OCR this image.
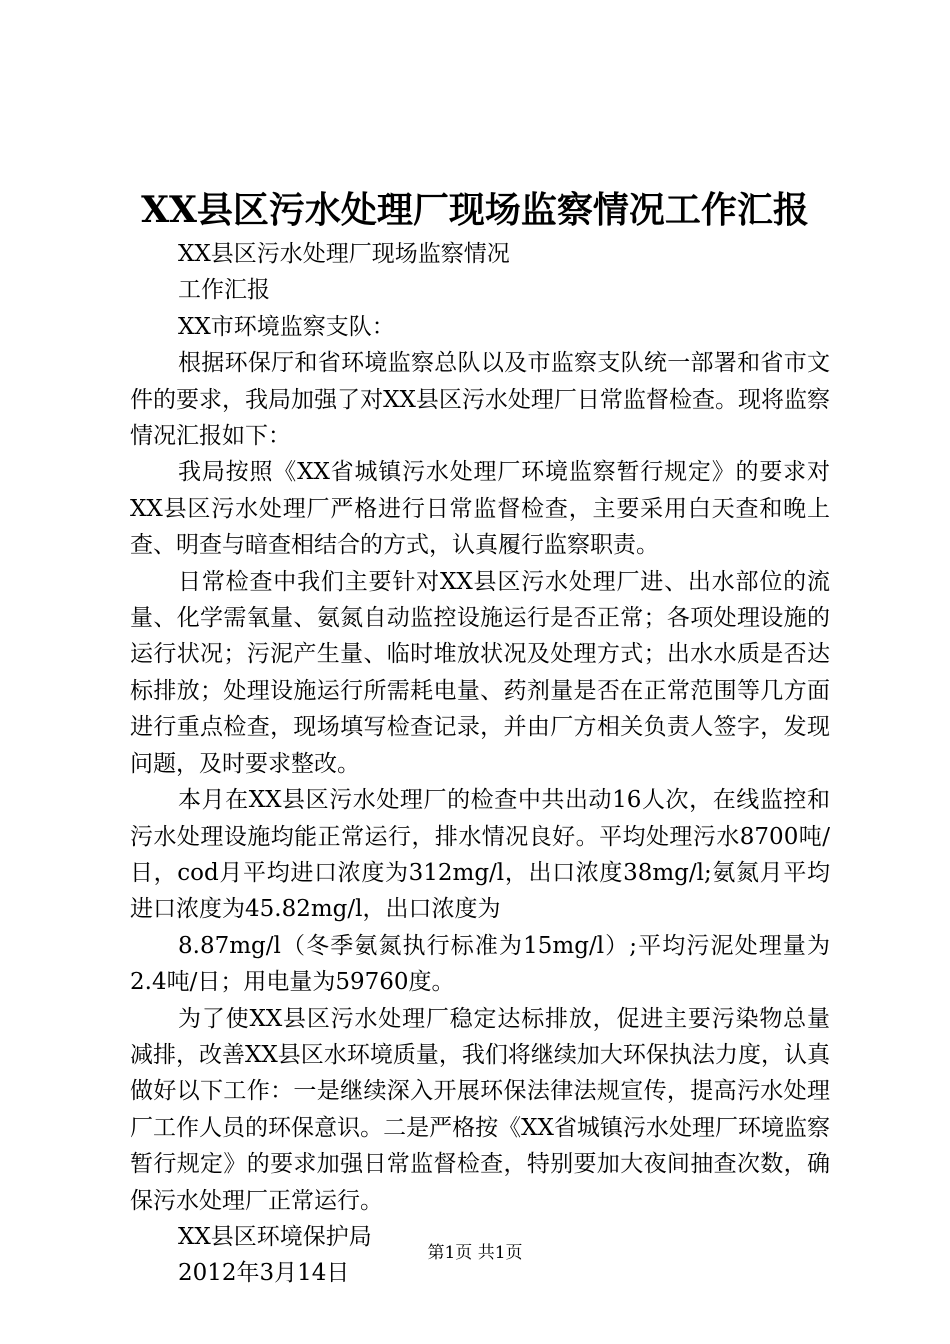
XX县区污水处理厂现场监察情况工作汇报

XX县区污水处理厂现场监察情况

工作汇报

XX市环境监察支队：

根据环保厅和省环境监察总队以及市监察支队统一部署和省市文件的要求，我局加强了对XX县区污水处理厂日常监督检查。现将监察情况汇报如下：

我局按照《XX省城镇污水处理厂环境监察暂行规定》的要求对XX县区污水处理厂严格进行日常监督检查，主要采用白天查和晚上查、明查与暗查相结合的方式，认真履行监察职责。

日常检查中我们主要针对XX县区污水处理厂进、出水部位的流量、化学需氧量、氨氮自动监控设施运行是否正常；各项处理设施的运行状况；污泥产生量、临时堆放状况及处理方式；出水水质是否达标排放；处理设施运行所需耗电量、药剂量是否在正常范围等几方面进行重点检查，现场填写检查记录，并由厂方相关负责人签字，发现问题，及时要求整改。

本月在XX县区污水处理厂的检查中共出动16人次，在线监控和污水处理设施均能正常运行，排水情况良好。平均处理污水8700吨/日，cod月平均进口浓度为312mg/l，出口浓度38mg/l;氨氮月平均进口浓度为45.82mg/l，出口浓度为

8.87mg/l（冬季氨氮执行标准为15mg/l）;平均污泥处理量为2.4吨/日；用电量为59760度。

为了使XX县区污水处理厂稳定达标排放，促进主要污染物总量减排，改善XX县区水环境质量，我们将继续加大环保执法力度，认真做好以下工作：一是继续深入开展环保法律法规宣传，提高污水处理厂工作人员的环保意识。二是严格按《XX省城镇污水处理厂环境监察暂行规定》的要求加强日常监督检查，特别要加大夜间抽查次数，确保污水处理厂正常运行。

XX县区环境保护局

2012年3月14日

第1页 共1页
